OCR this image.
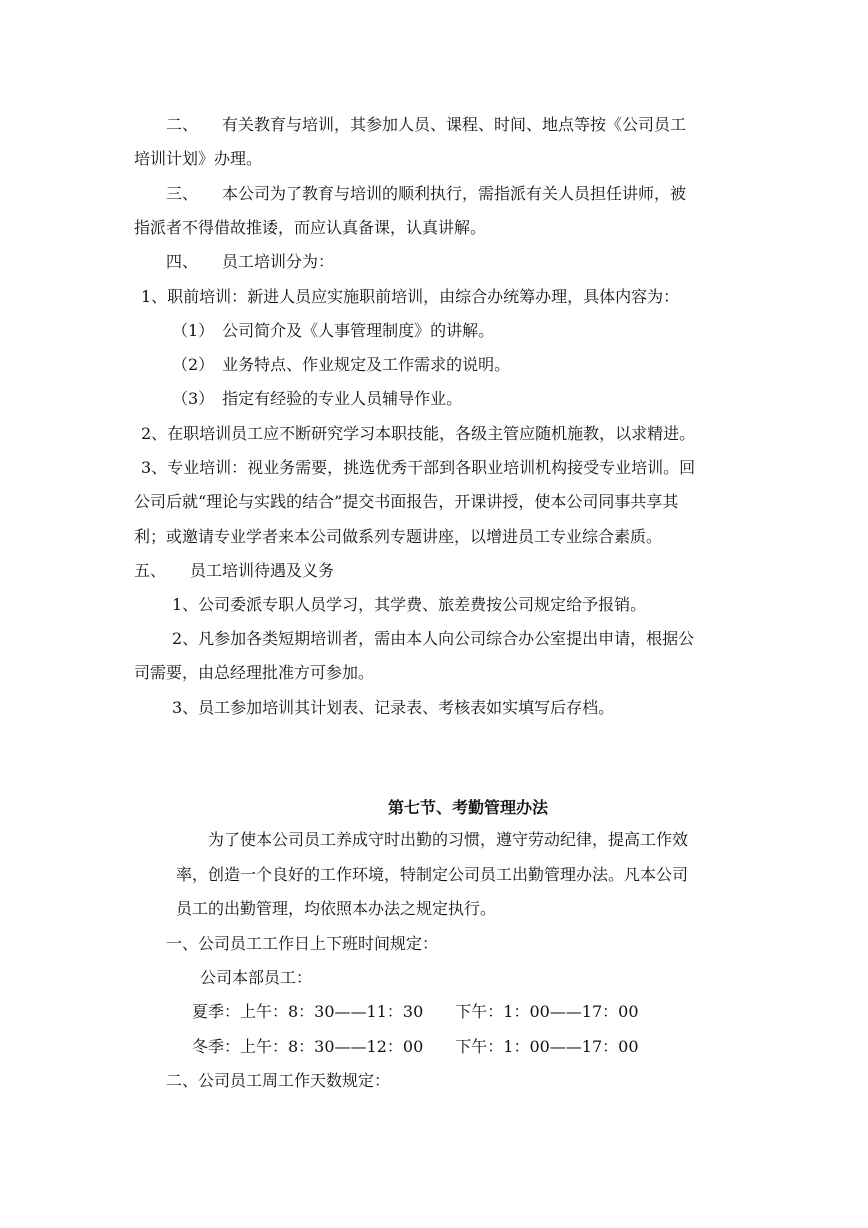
二、　　有关教育与培训，其参加人员、课程、时间、地点等按《公司员工

培训计划》办理。

三、　　本公司为了教育与培训的顺利执行，需指派有关人员担任讲师，被

指派者不得借故推诿，而应认真备课，认真讲解。

四、　　员工培训分为：

1、职前培训：新进人员应实施职前培训，由综合办统筹办理，具体内容为：

（1）　公司简介及《人事管理制度》的讲解。

（2）　业务特点、作业规定及工作需求的说明。

（3）　指定有经验的专业人员辅导作业。

2、在职培训员工应不断研究学习本职技能，各级主管应随机施教，以求精进。

3、专业培训：视业务需要，挑选优秀干部到各职业培训机构接受专业培训。回

公司后就“理论与实践的结合”提交书面报告，开课讲授，使本公司同事共享其

利；或邀请专业学者来本公司做系列专题讲座，以增进员工专业综合素质。

五、　　员工培训待遇及义务

1、公司委派专职人员学习，其学费、旅差费按公司规定给予报销。

2、凡参加各类短期培训者，需由本人向公司综合办公室提出申请，根据公

司需要，由总经理批准方可参加。

3、员工参加培训其计划表、记录表、考核表如实填写后存档。

第七节、考勤管理办法

为了使本公司员工养成守时出勤的习惯，遵守劳动纪律，提高工作效

率，创造一个良好的工作环境，特制定公司员工出勤管理办法。凡本公司

员工的出勤管理，均依照本办法之规定执行。

一、公司员工工作日上下班时间规定：

公司本部员工：

夏季：上午：8：30——11：30　　下午：1：00——17：00

冬季：上午：8：30——12：00　　下午：1：00——17：00

二、公司员工周工作天数规定：
